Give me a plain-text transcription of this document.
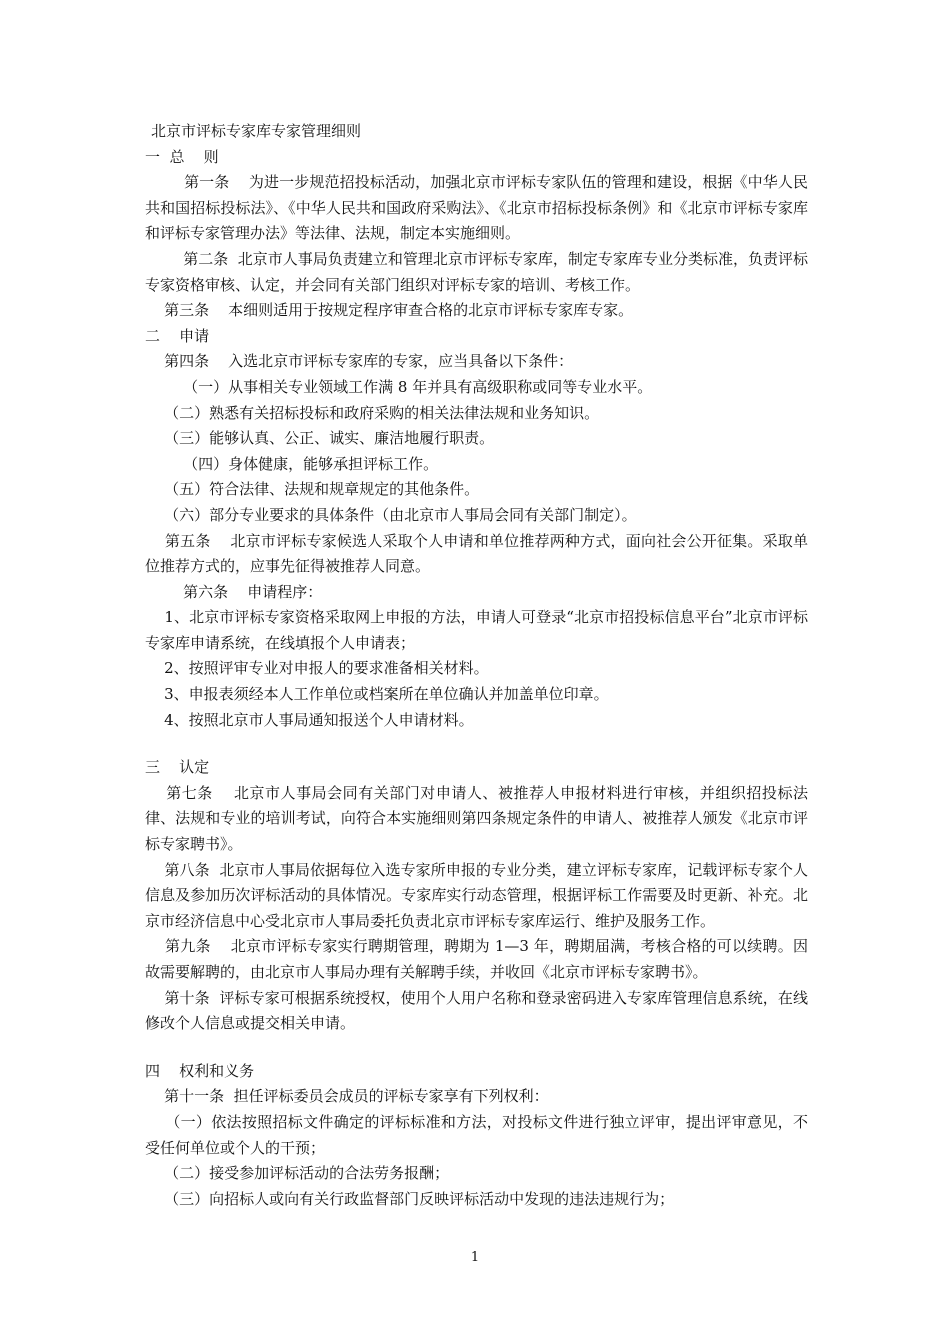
北京市评标专家库专家管理细则
一  总    则
第一条    为进一步规范招投标活动，加强北京市评标专家队伍的管理和建设，根据《中华人民共和国招标投标法》、《中华人民共和国政府采购法》、《北京市招标投标条例》和《北京市评标专家库和评标专家管理办法》等法律、法规，制定本实施细则。
第二条  北京市人事局负责建立和管理北京市评标专家库，制定专家库专业分类标准，负责评标专家资格审核、认定，并会同有关部门组织对评标专家的培训、考核工作。
第三条    本细则适用于按规定程序审查合格的北京市评标专家库专家。
二    申请
第四条    入选北京市评标专家库的专家，应当具备以下条件：
（一）从事相关专业领域工作满 8 年并具有高级职称或同等专业水平。
（二）熟悉有关招标投标和政府采购的相关法律法规和业务知识。
（三）能够认真、公正、诚实、廉洁地履行职责。
（四）身体健康，能够承担评标工作。
（五）符合法律、法规和规章规定的其他条件。
（六）部分专业要求的具体条件（由北京市人事局会同有关部门制定）。
第五条    北京市评标专家候选人采取个人申请和单位推荐两种方式，面向社会公开征集。采取单位推荐方式的，应事先征得被推荐人同意。
第六条    申请程序：
1、北京市评标专家资格采取网上申报的方法，申请人可登录“北京市招投标信息平台”北京市评标专家库申请系统，在线填报个人申请表；
2、按照评审专业对申报人的要求准备相关材料。
3、申报表须经本人工作单位或档案所在单位确认并加盖单位印章。
4、按照北京市人事局通知报送个人申请材料。
三    认定
第七条    北京市人事局会同有关部门对申请人、被推荐人申报材料进行审核，并组织招投标法律、法规和专业的培训考试，向符合本实施细则第四条规定条件的申请人、被推荐人颁发《北京市评标专家聘书》。
第八条  北京市人事局依据每位入选专家所申报的专业分类，建立评标专家库，记载评标专家个人信息及参加历次评标活动的具体情况。专家库实行动态管理，根据评标工作需要及时更新、补充。北京市经济信息中心受北京市人事局委托负责北京市评标专家库运行、维护及服务工作。
第九条    北京市评标专家实行聘期管理，聘期为 1—3 年，聘期届满，考核合格的可以续聘。因故需要解聘的，由北京市人事局办理有关解聘手续，并收回《北京市评标专家聘书》。
第十条  评标专家可根据系统授权，使用个人用户名称和登录密码进入专家库管理信息系统，在线修改个人信息或提交相关申请。
四    权利和义务
第十一条  担任评标委员会成员的评标专家享有下列权利：
（一）依法按照招标文件确定的评标标准和方法，对投标文件进行独立评审，提出评审意见，不受任何单位或个人的干预；
（二）接受参加评标活动的合法劳务报酬；
（三）向招标人或向有关行政监督部门反映评标活动中发现的违法违规行为；
1
